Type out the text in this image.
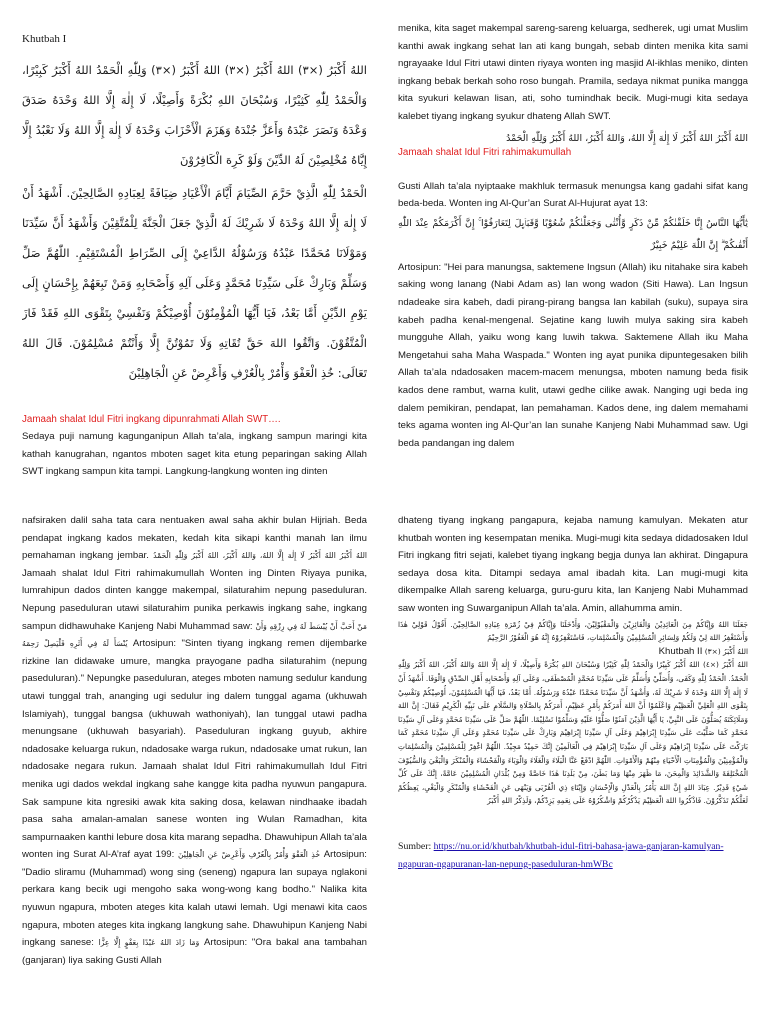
Khutbah I

اللهُ أَكْبَرُ (×٣) اللهُ أَكْبَرُ (×٣) اللهُ أَكْبَرُ (×٣) وَلِلّٰهِ الْحَمْدُ اللهُ أَكْبَرُ كَبِيْرًا، وَالْحَمْدُ لِلّٰهِ كَثِيْرًا، وَسُبْحَانَ اللهِ بُكْرَةً وَأَصِيْلًا، لَا إِلٰهَ إِلَّا اللهُ وَحْدَهُ صَدَقَ وَعْدَهُ وَنَصَرَ عَبْدَهُ وَأَعَزَّ جُنْدَهُ وَهَزَمَ الْأَحْزَابَ وَحْدَهُ لَا إِلٰهَ إِلَّا اللهُ وَلَا نَعْبُدُ إِلَّا إِيَّاهُ مُخْلِصِيْنَ لَهُ الدِّيْنَ وَلَوْ كَرِهَ الْكَافِرُوْنَ

الْحَمْدُ لِلّٰهِ الَّذِيْ حَرَّمَ الصِّيَامَ أَيَّامَ الْأَعْيَادِ ضِيَافَةً لِعِبَادِهِ الصَّالِحِيْنَ. أَشْهَدُ أَنْ لَا إِلٰهَ إِلَّا اللهُ وَحْدَهُ لَا شَرِيْكَ لَهُ الَّذِيْ جَعَلَ الْجَنَّةَ لِلْمُتَّقِيْنَ وَأَشْهَدُ أَنَّ سَيِّدَنَا وَمَوْلَانَا مُحَمَّدًا عَبْدُهُ وَرَسُوْلُهُ الدَّاعِيْ إِلَى الصِّرَاطِ الْمُسْتَقِيْمِ. اللّٰهُمَّ صَلِّ وَسَلِّمْ وَبَارِكْ عَلَى سَيِّدِنَا مُحَمَّدٍ وَعَلَى آلِهِ وَأَصْحَابِهِ وَمَنْ تَبِعَهُمْ بِإِحْسَانٍ إِلَى يَوْمِ الدِّيْنِ أَمَّا بَعْدُ، فَيَا أَيُّهَا الْمُؤْمِنُوْنَ أُوْصِيْكُمْ وَنَفْسِيْ بِتَقْوَى اللهِ فَقَدْ فَازَ الْمُتَّقُوْنَ. وَاتَّقُوا اللهَ حَقَّ تُقَاتِهِ وَلَا تَمُوْتُنَّ إِلَّا وَأَنْتُمْ مُسْلِمُوْنَ. قَالَ اللهُ تَعَالَى: خُذِ الْعَفْوَ وَأْمُرْ بِالْعُرْفِ وَأَعْرِضْ عَنِ الْجَاهِلِيْنَ

Jamaah shalat Idul Fitri ingkang dipunrahmati Allah SWT….

Sedaya puji namung kagunganipun Allah ta’ala, ingkang sampun maringi kita kathah kanugrahan, ngantos mboten saget kita etung peparingan saking Allah SWT ingkang sampun kita tampi. Langkung-langkung wonten ing dinten

menika, kita saget makempal sareng-sareng keluarga, sedherek, ugi umat Muslim kanthi awak ingkang sehat lan ati kang bungah, sebab dinten menika kita sami ngrayaake Idul Fitri utawi dinten riyaya wonten ing masjid Al-ikhlas meniko, dinten ingkang bebak berkah soho roso bungah. Pramila, sedaya nikmat punika mangga kita syukuri kelawan lisan, ati, soho tumindhak becik. Mugi-mugi kita sedaya kalebet tiyang ingkang syukur dhateng Allah SWT.

اللهُ أَكْبَرُ اللهُ أَكْبَرُ لَا إِلٰهَ إِلَّا اللهُ، وَاللهُ أَكْبَرُ، اللهُ أَكْبَرُ وَلِلّٰهِ الْحَمْدُ

Jamaah shalat Idul Fitri rahimakumullah

Gusti Allah ta’ala nyiptaake makhluk termasuk menungsa kang gadahi sifat kang beda-beda. Wonten ing Al-Qur’an Surat Al-Hujurat ayat 13:

يٰٓأَيُّهَا النَّاسُ إِنَّا خَلَقْنٰكُمْ مِّنْ ذَكَرٍ وَّأُنْثٰى وَجَعَلْنٰكُمْ شُعُوْبًا وَّقَبَاۤىِٕلَ لِتَعَارَفُوْا ۚ إِنَّ أَكْرَمَكُمْ عِنْدَ اللّٰهِ أَتْقٰىكُمْ ۗ إِنَّ اللّٰهَ عَلِيْمٌ خَبِيْرٌ

Artosipun: "Hei para manungsa, saktemene Ingsun (Allah) iku nitahake sira kabeh saking wong lanang (Nabi Adam as) lan wong wadon (Siti Hawa). Lan Ingsun ndadeake sira kabeh, dadi pirang-pirang bangsa lan kabilah (suku), supaya sira kabeh padha kenal-mengenal. Sejatine kang luwih mulya saking sira kabeh mungguhe Allah, yaiku wong kang luwih takwa. Saktemene Allah iku Maha Mengetahui saha Maha Waspada." Wonten ing ayat punika dipuntegesaken bilih Allah ta’ala ndadosaken macem-macem menungsa, mboten namung beda fisik kados dene rambut, warna kulit, utawi gedhe cilike awak. Nanging ugi beda ing dalem pemikiran, pendapat, lan pemahaman. Kados dene, ing dalem memahami teks agama wonten ing Al-Qur’an lan sunahe Kanjeng Nabi Muhammad saw. Ugi beda pandangan ing dalem

nafsiraken dalil saha tata cara nentuaken awal saha akhir bulan Hijriah. Beda pendapat ingkang kados mekaten, kedah kita sikapi kanthi manah lan ilmu pemahaman ingkang jembar. اللهُ أَكْبَرُ اللهُ أَكْبَرُ لَا إِلٰهَ إِلَّا اللهُ، وَاللهُ أَكْبَرُ، اللهُ أَكْبَرُ وَلِلّٰهِ الْحَمْدُ Jamaah shalat Idul Fitri rahimakumullah Wonten ing Dinten Riyaya punika, lumrahipun dados dinten kangge makempal, silaturahim nepung paseduluran. Nepung paseduluran utawi silaturahim punika perkawis ingkang sahe, ingkang sampun didhawuhake Kanjeng Nabi Muhammad saw: مَنْ أَحَبَّ أَنْ يُبْسَطَ لَهُ فِي رِزْقِهِ وَأَنْ يُنْسَأَ لَهُ فِي أَثَرِهِ فَلْيَصِلْ رَحِمَهُ Artosipun: "Sinten tiyang ingkang remen dijembarke rizkine lan didawake umure, mangka prayogane padha silaturahim (nepung paseduluran)." Nepungke paseduluran, ateges mboten namung sedulur kandung utawi tunggal trah, ananging ugi sedulur ing dalem tunggal agama (ukhuwah Islamiyah), tunggal bangsa (ukhuwah wathoniyah), lan tunggal utawi padha menungsane (ukhuwah basyariah). Paseduluran ingkang guyub, akhire ndadosake keluarga rukun, ndadosake warga rukun, ndadosake umat rukun, lan ndadosake negara rukun. Jamaah shalat Idul Fitri rahimakumullah Idul Fitri menika ugi dados wekdal ingkang sahe kangge kita padha nyuwun pangapura. Sak sampune kita ngresiki awak kita saking dosa, kelawan nindhaake ibadah pasa saha amalan-amalan sanese wonten ing Wulan Ramadhan, kita sampurnaaken kanthi lebure dosa kita marang sepadha. Dhawuhipun Allah ta’ala wonten ing Surat Al-A’raf ayat 199: خُذِ الْعَفْوَ وَأْمُرْ بِالْعُرْفِ وَأَعْرِضْ عَنِ الْجَاهِلِيْنَ Artosipun: "Dadio sliramu (Muhammad) wong sing (seneng) ngapura lan supaya nglakoni perkara kang becik ugi mengoho saka wong-wong kang bodho." Nalika kita nyuwun ngapura, mboten ateges kita kalah utawi lemah. Ugi menawi kita caos ngapura, mboten ateges kita ingkang langkung sahe. Dhawuhipun Kanjeng Nabi ingkang sanese: وَمَا زَادَ اللهُ عَبْدًا بِعَفْوٍ إِلَّا عِزًّا Artosipun: "Ora bakal ana tambahan (ganjaran) liya saking Gusti Allah

dhateng tiyang ingkang pangapura, kejaba namung kamulyan. Mekaten atur khutbah wonten ing kesempatan menika. Mugi-mugi kita sedaya didadosaken Idul Fitri ingkang fitri sejati, kalebet tiyang ingkang begja dunya lan akhirat. Dingapura sedaya dosa kita. Ditampi sedaya amal ibadah kita. Lan mugi-mugi kita dikempalke Allah sareng keluarga, guru-guru kita, lan Kanjeng Nabi Muhammad saw wonten ing Suwarganipun Allah ta’ala. Amin, allahumma amin.

جَعَلَنَا اللهُ وَإِيَّاكُمْ مِنَ الْعَائِدِيْنَ وَالْفَائِزِيْنَ وَالْمَقْبُوْلِيْنَ، وَأَدْخَلَنَا وَإِيَّاكُمْ فِيْ زُمْرَةِ عِبَادِهِ الصَّالِحِيْنَ. أَقُوْلُ قَوْلِيْ هٰذَا وَأَسْتَغْفِرُ اللهَ لِيْ وَلَكُمْ وَلِسَائِرِ الْمُسْلِمِيْنَ وَالْمُسْلِمَاتِ، فَاسْتَغْفِرُوْهُ إِنَّهُ هُوَ الْغَفُوْرُ الرَّحِيْمُ

اللهُ أَكْبَرُ (×٣) Khutbah II

اللهُ أَكْبَرُ (×٤) اللهُ أَكْبَرُ كَبِيْرًا وَالْحَمْدُ لِلّٰهِ كَثِيْرًا وَسُبْحَانَ اللهِ بُكْرَةً وَأَصِيْلًا، لَا إِلٰهَ إِلَّا اللهُ وَاللهُ أَكْبَرُ، اللهُ أَكْبَرُ وَلِلّٰهِ الْحَمْدُ. الْحَمْدُ لِلّٰهِ وَكَفَى، وَأُصَلِّيْ وَأُسَلِّمُ عَلَى سَيِّدِنَا مُحَمَّدٍ الْمُصْطَفَى، وَعَلَى آلِهِ وَأَصْحَابِهِ أَهْلِ الصِّدْقِ وَالْوَفَا. أَشْهَدُ أَنْ لَا إِلٰهَ إِلَّا اللهُ وَحْدَهُ لَا شَرِيْكَ لَهُ، وَأَشْهَدُ أَنَّ سَيِّدَنَا مُحَمَّدًا عَبْدُهُ وَرَسُوْلُهُ. أَمَّا بَعْدُ، فَيَا أَيُّهَا الْمُسْلِمُوْنَ، أُوْصِيْكُمْ وَنَفْسِيْ بِتَقْوَى اللهِ الْعَلِيِّ الْعَظِيْمِ وَاعْلَمُوْا أَنَّ اللهَ أَمَرَكُمْ بِأَمْرٍ عَظِيْمٍ، أَمَرَكُمْ بِالصَّلَاةِ وَالسَّلَامِ عَلَى نَبِيِّهِ الْكَرِيْمِ فَقَالَ: إِنَّ اللهَ وَمَلَائِكَتَهُ يُصَلُّوْنَ عَلَى النَّبِيِّ، يَا أَيُّهَا الَّذِيْنَ آمَنُوْا صَلُّوْا عَلَيْهِ وَسَلِّمُوْا تَسْلِيْمًا. اللّٰهُمَّ صَلِّ عَلَى سَيِّدِنَا مُحَمَّدٍ وَعَلَى آلِ سَيِّدِنَا مُحَمَّدٍ كَمَا صَلَّيْتَ عَلَى سَيِّدِنَا إِبْرَاهِيْمَ وَعَلَى آلِ سَيِّدِنَا إِبْرَاهِيْمَ وَبَارِكْ عَلَى سَيِّدِنَا مُحَمَّدٍ وَعَلَى آلِ سَيِّدِنَا مُحَمَّدٍ كَمَا بَارَكْتَ عَلَى سَيِّدِنَا إِبْرَاهِيْمَ وَعَلَى آلِ سَيِّدِنَا إِبْرَاهِيْمَ فِي الْعَالَمِيْنَ إِنَّكَ حَمِيْدٌ مَجِيْدٌ. اللّٰهُمَّ اغْفِرْ لِلْمُسْلِمِيْنَ وَالْمُسْلِمَاتِ وَالْمُؤْمِنِيْنَ وَالْمُؤْمِنَاتِ الْأَحْيَاءِ مِنْهُمْ وَالْأَمْوَاتِ. اللّٰهُمَّ ادْفَعْ عَنَّا الْبَلَاءَ وَالْغَلَاءَ وَالْوَبَاءَ وَالْفَحْشَاءَ وَالْمُنْكَرَ وَالْبَغْيَ وَالسُّيُوْفَ الْمُخْتَلِفَةَ وَالشَّدَائِدَ وَالْمِحَنَ، مَا ظَهَرَ مِنْهَا وَمَا بَطَنَ، مِنْ بَلَدِنَا هٰذَا خَاصَّةً وَمِنْ بُلْدَانِ الْمُسْلِمِيْنَ عَامَّةً، إِنَّكَ عَلَى كُلِّ شَيْءٍ قَدِيْرٌ. عِبَادَ اللهِ إِنَّ اللهَ يَأْمُرُ بِالْعَدْلِ وَالْإِحْسَانِ وَإِيْتَاءِ ذِي الْقُرْبَى وَيَنْهَى عَنِ الْفَحْشَاءِ وَالْمُنْكَرِ وَالْبَغْيِ، يَعِظُكُمْ لَعَلَّكُمْ تَذَكَّرُوْنَ. فَاذْكُرُوا اللهَ الْعَظِيْمَ يَذْكُرْكُمْ وَاشْكُرُوْهُ عَلَى نِعَمِهِ يَزِدْكُمْ، وَلَذِكْرُ اللهِ أَكْبَرُ

Sumber: https://nu.or.id/khutbah/khutbah-idul-fitri-bahasa-jawa-ganjaran-kamulyan-ngapuran-ngapuranan-lan-nepung-paseduluran-hmWBc
